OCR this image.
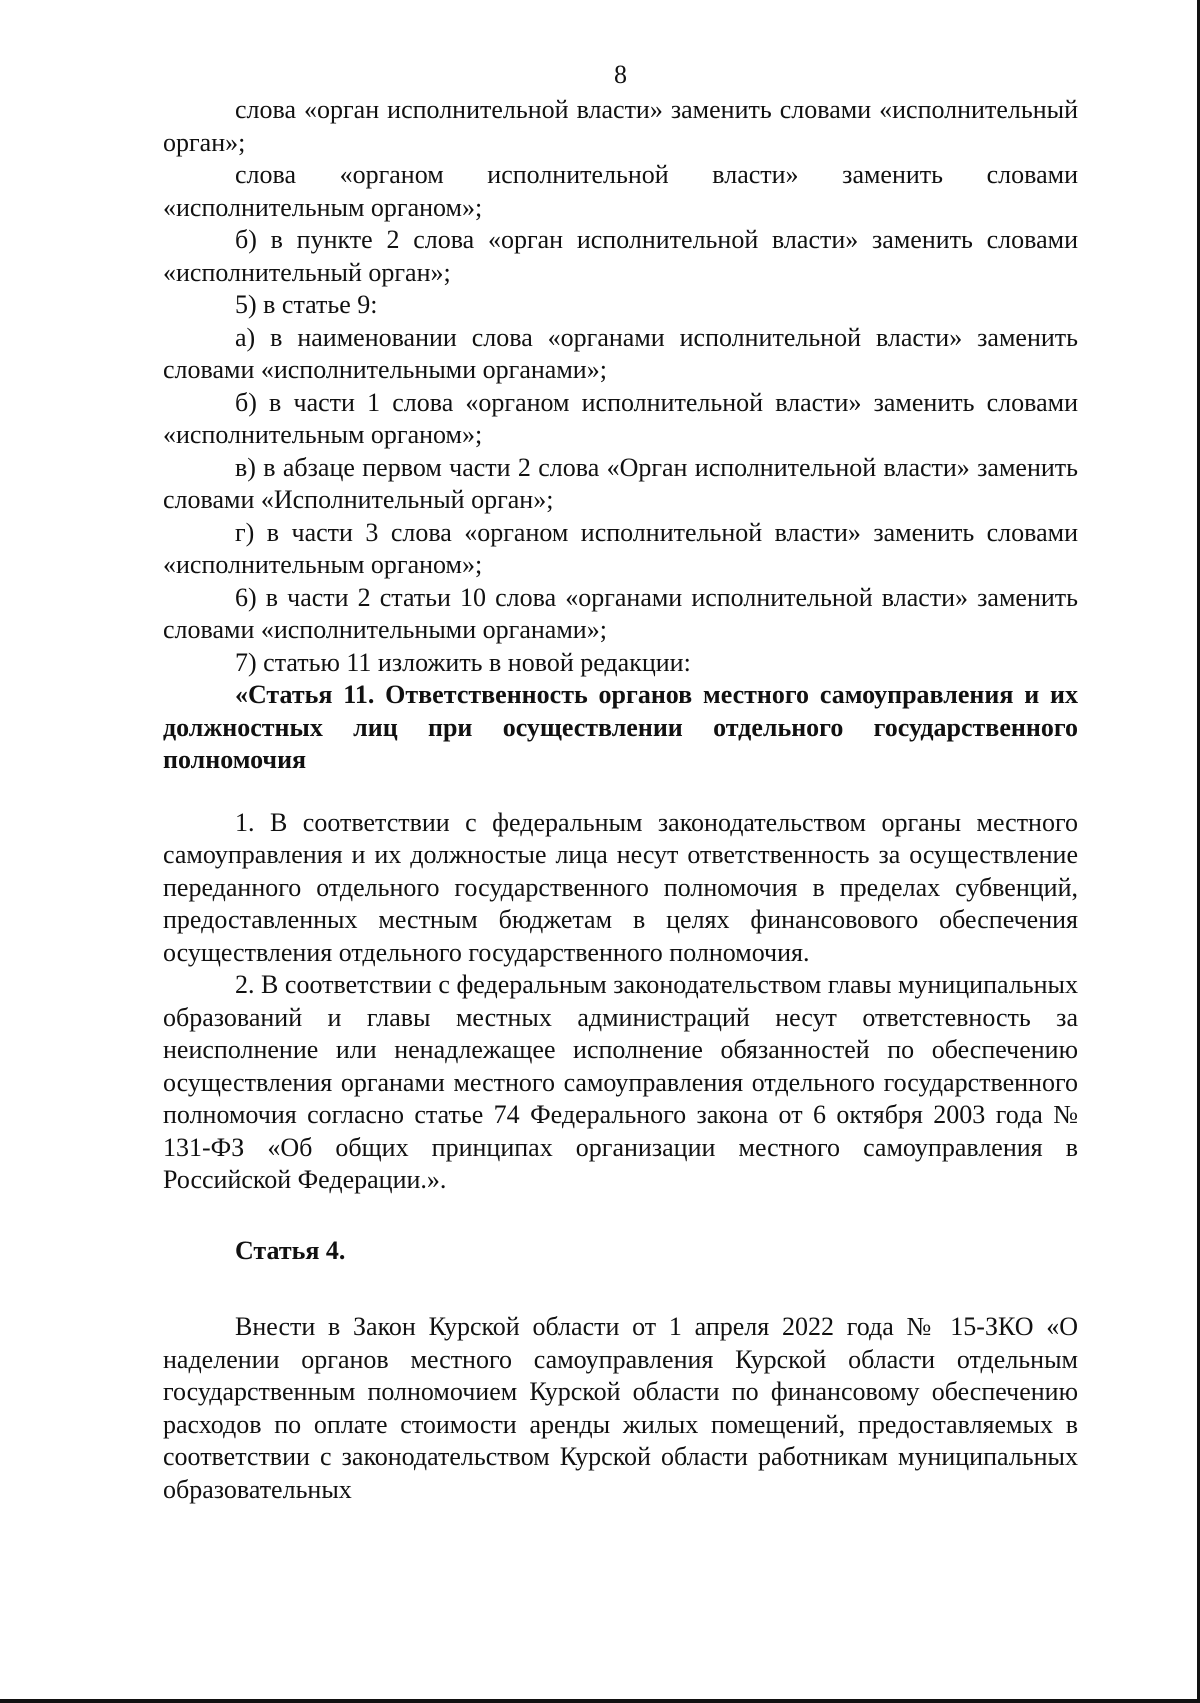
8

слова «орган исполнительной власти» заменить словами «исполнительный орган»;

слова «органом исполнительной власти» заменить словами «исполнительным органом»;

б) в пункте 2 слова «орган исполнительной власти» заменить словами «исполнительный орган»;

5) в статье 9:

а) в наименовании слова «органами исполнительной власти» заменить словами «исполнительными органами»;

б) в части 1 слова «органом исполнительной власти» заменить словами «исполнительным органом»;

в) в абзаце первом части 2 слова «Орган исполнительной власти» заменить словами «Исполнительный орган»;

г) в части 3 слова «органом исполнительной власти» заменить словами «исполнительным органом»;

6) в части 2 статьи 10 слова «органами исполнительной власти» заменить словами «исполнительными органами»;

7) статью 11 изложить в новой редакции:

«Статья 11. Ответственность органов местного самоуправления и их должностных лиц при осуществлении отдельного государственного полномочия

1. В соответствии с федеральным законодательством органы местного самоуправления и их должностые лица несут ответственность за осуществление переданного отдельного государственного полномочия в пределах субвенций, предоставленных местным бюджетам в целях финансовового обеспечения осуществления отдельного государственного полномочия.

2. В соответствии с федеральным законодательством главы муниципальных образований и главы местных администраций несут ответстевность за неисполнение или ненадлежащее исполнение обязанностей по обеспечению осуществления органами местного самоуправления отдельного государственного полномочия согласно статье 74 Федерального закона от 6 октября 2003 года № 131-ФЗ «Об общих принципах организации местного самоуправления в Российской Федерации.».

Статья 4.

Внести в Закон Курской области от 1 апреля 2022 года № 15-ЗКО «О наделении органов местного самоуправления Курской области отдельным государственным полномочием Курской области по финансовому обеспечению расходов по оплате стоимости аренды жилых помещений, предоставляемых в соответствии с законодательством Курской области работникам муниципальных образовательных
